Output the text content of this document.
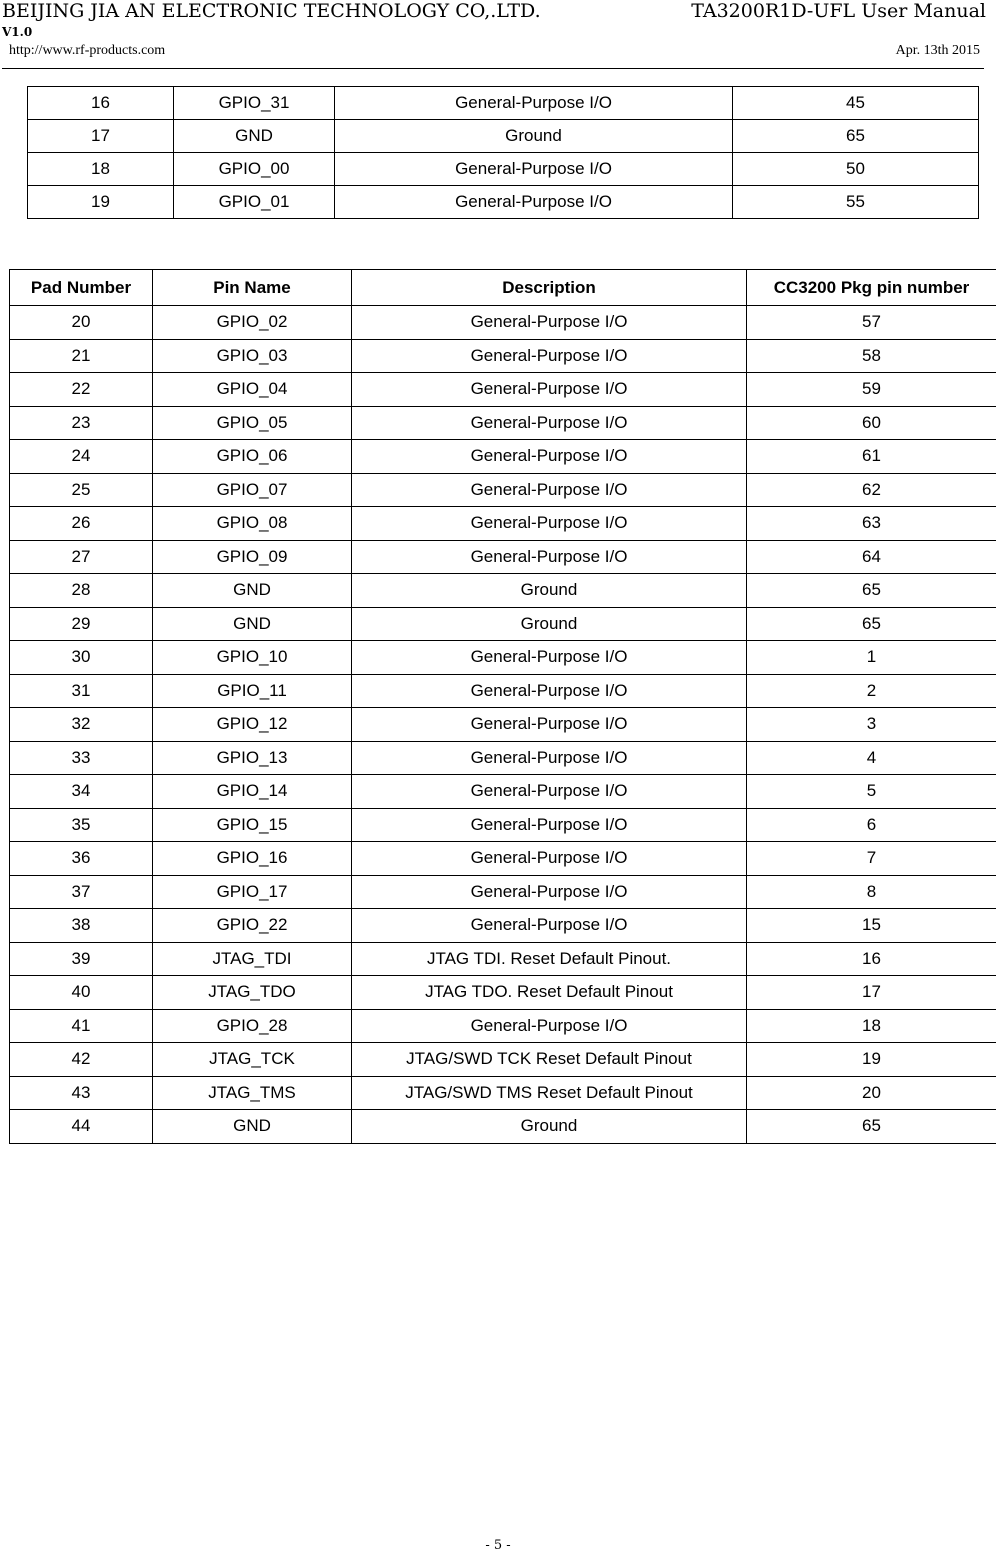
BEIJING JIA AN ELECTRONIC TECHNOLOGY CO,.LTD.	TA3200R1D-UFL User Manual
V1.0
http://www.rf-products.com	Apr. 13th 2015
16	GPIO_31	General-Purpose I/O	45
17	GND	Ground	65
18	GPIO_00	General-Purpose I/O	50
19	GPIO_01	General-Purpose I/O	55
Pad Number	Pin Name	Description	CC3200 Pkg pin number
20	GPIO_02	General-Purpose I/O	57
21	GPIO_03	General-Purpose I/O	58
22	GPIO_04	General-Purpose I/O	59
23	GPIO_05	General-Purpose I/O	60
24	GPIO_06	General-Purpose I/O	61
25	GPIO_07	General-Purpose I/O	62
26	GPIO_08	General-Purpose I/O	63
27	GPIO_09	General-Purpose I/O	64
28	GND	Ground	65
29	GND	Ground	65
30	GPIO_10	General-Purpose I/O	1
31	GPIO_11	General-Purpose I/O	2
32	GPIO_12	General-Purpose I/O	3
33	GPIO_13	General-Purpose I/O	4
34	GPIO_14	General-Purpose I/O	5
35	GPIO_15	General-Purpose I/O	6
36	GPIO_16	General-Purpose I/O	7
37	GPIO_17	General-Purpose I/O	8
38	GPIO_22	General-Purpose I/O	15
39	JTAG_TDI	JTAG TDI. Reset Default Pinout.	16
40	JTAG_TDO	JTAG TDO. Reset Default Pinout	17
41	GPIO_28	General-Purpose I/O	18
42	JTAG_TCK	JTAG/SWD TCK Reset Default Pinout	19
43	JTAG_TMS	JTAG/SWD TMS Reset Default Pinout	20
44	GND	Ground	65
- 5 -
